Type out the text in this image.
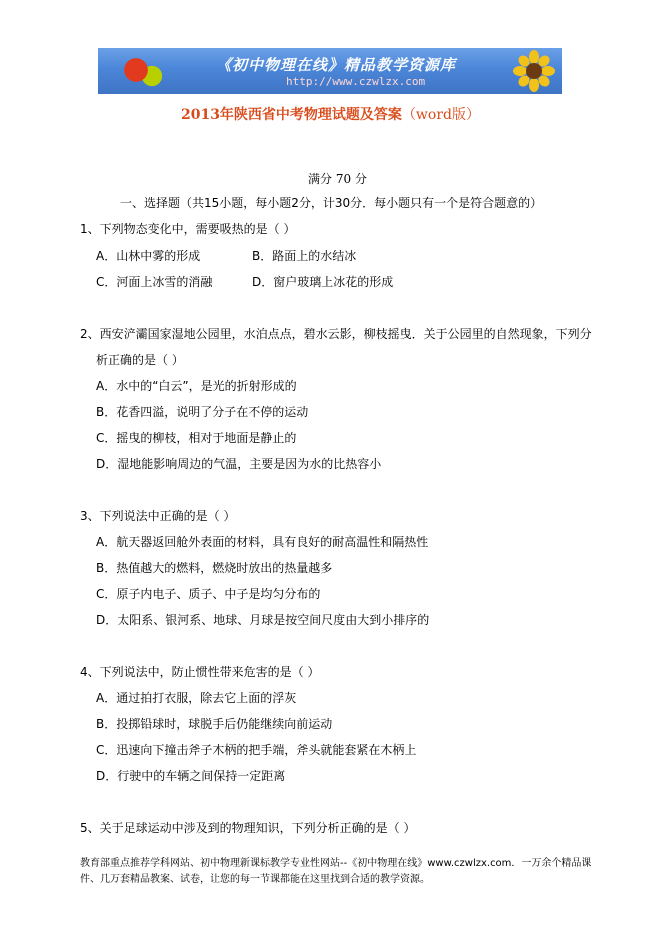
《初中物理在线》精品教学资源库
http://www.czwlzx.com
2013年陕西省中考物理试题及答案（word版）
满分 70 分
一、选择题（共15小题，每小题2分，计30分．每小题只有一个是符合题意的）
1、下列物态变化中，需要吸热的是（ ）
A．山林中雾的形成	B．路面上的水结冰
C．河面上冰雪的消融	D．窗户玻璃上冰花的形成
2、西安浐灞国家湿地公园里，水泊点点，碧水云影，柳枝摇曳．关于公园里的自然现象，下列分
析正确的是（ ）
A．水中的“白云”，是光的折射形成的
B．花香四溢，说明了分子在不停的运动
C．摇曳的柳枝，相对于地面是静止的
D．湿地能影响周边的气温，主要是因为水的比热容小
3、下列说法中正确的是（ ）
A．航天器返回舱外表面的材料，具有良好的耐高温性和隔热性
B．热值越大的燃料，燃烧时放出的热量越多
C．原子内电子、质子、中子是均匀分布的
D．太阳系、银河系、地球、月球是按空间尺度由大到小排序的
4、下列说法中，防止惯性带来危害的是（ ）
A．通过拍打衣服，除去它上面的浮灰
B．投掷铅球时，球脱手后仍能继续向前运动
C．迅速向下撞击斧子木柄的把手端，斧头就能套紧在木柄上
D．行驶中的车辆之间保持一定距离
5、关于足球运动中涉及到的物理知识，下列分析正确的是（ ）
教育部重点推荐学科网站、初中物理新课标教学专业性网站--《初中物理在线》www.czwlzx.com．一万余个精品课
件、几万套精品教案、试卷，让您的每一节课都能在这里找到合适的教学资源。
